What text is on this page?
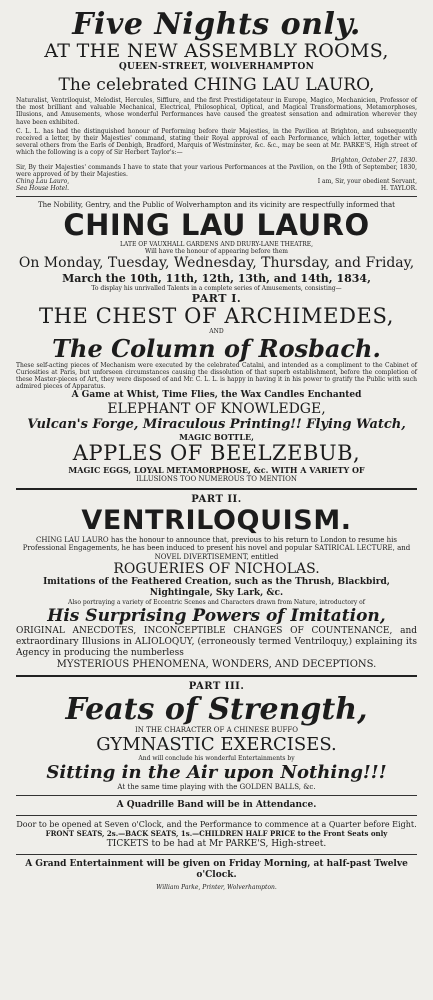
Five Nights only.
AT THE NEW ASSEMBLY ROOMS,
QUEEN-STREET, WOLVERHAMPTON
The celebrated CHING LAU LAURO,
Naturalist, Ventriloquist, Melodist, Hercules, Sifflure, and the first Prestidigetateur in Europe, Magico, Mechanicien, Professor of the most brilliant and valuable Mechanical, Electrical, Philosophical, Optical, and Magical Transformations, Metamorphoses, Illusions, and Amusements, whose wonderful Performances have caused the greatest sensation and admiration wherever they have been exhibited.
C. L. L. has had the distinguished honour of Performing before their Majesties, in the Pavilion at Brighton, and subsequently received a letter, by their Majesties' command, stating their Royal approval of each Performance, which letter, together with several others from the Earls of Denbigh, Bradford, Marquis of Westminster, &c. &c., may be seen at Mr. PARKE'S, High street of which the following is a copy of Sir Herbert Taylor's:—
Brighton, October 27, 1830.
Sir, By their Majesties' commands I have to state that your various Performances at the Pavilion, on the 19th of September, 1830, were approved of by their Majesties.
Ching Lau Lauro,
Sea House Hotel.
I am, Sir, your obedient Servant,
H. TAYLOR.
The Nobility, Gentry, and the Public of Wolverhampton and its vicinity are respectfully informed that
CHING LAU LAURO
LATE OF VAUXHALL GARDENS AND DRURY-LANE THEATRE,
Will have the honour of appearing before them
On Monday, Tuesday, Wednesday, Thursday, and Friday,
March the 10th, 11th, 12th, 13th, and 14th, 1834,
To display his unrivalled Talents in a complete series of Amusements, consisting—
PART I.
THE CHEST OF ARCHIMEDES,
AND
The Column of Rosbach.
These self-acting pieces of Mechanism were executed by the celebrated Catalni, and intended as a compliment to the Cabinet of Curiosities at Paris, but unforseen circumstances causing the dissolution of that superb establishment, before the completion of these Master-pieces of Art, they were disposed of and Mr. C. L. L. is happy in having it in his power to gratify the Public with such admired pieces of Apparatus.
A Game at Whist, Time Flies, the Wax Candles Enchanted
ELEPHANT OF KNOWLEDGE,
Vulcan's Forge, Miraculous Printing!! Flying Watch,
MAGIC BOTTLE,
APPLES OF BEELZEBUB,
MAGIC EGGS, LOYAL METAMORPHOSE, &c. WITH A VARIETY OF
ILLUSIONS TOO NUMEROUS TO MENTION
PART II.
VENTRILOQUISM.
CHING LAU LAURO has the honour to announce that, previous to his return to London to resume his Professional Engagements, he has been induced to present his novel and popular SATIRICAL LECTURE, and NOVEL DIVERTISEMENT, entitled
ROGUERIES OF NICHOLAS.
Imitations of the Feathered Creation, such as the Thrush, Blackbird, Nightingale, Sky Lark, &c.
Also portraying a variety of Eccentric Scenes and Characters drawn from Nature, introductory of
His Surprising Powers of Imitation,
ORIGINAL ANECDOTES, INCONCEPTIBLE CHANGES OF COUNTENANCE, and extraordinary Illusions in ALIOLOQUY, (erroneously termed Ventriloquy,) explaining its Agency in producing the numberless
MYSTERIOUS PHENOMENA, WONDERS, AND DECEPTIONS.
PART III.
Feats of Strength,
IN THE CHARACTER OF A CHINESE BUFFO
GYMNASTIC EXERCISES.
And will conclude his wonderful Entertainments by
Sitting in the Air upon Nothing!!!
At the same time playing with the GOLDEN BALLS, &c.
A Quadrille Band will be in Attendance.
Door to be opened at Seven o'Clock, and the Performance to commence at a Quarter before Eight.
FRONT SEATS, 2s.—BACK SEATS, 1s.—CHILDREN HALF PRICE to the Front Seats only
TICKETS to be had at Mr PARKE'S, High-street.
A Grand Entertainment will be given on Friday Morning, at half-past Twelve o'Clock.
William Parke, Printer, Wolverhampton.
